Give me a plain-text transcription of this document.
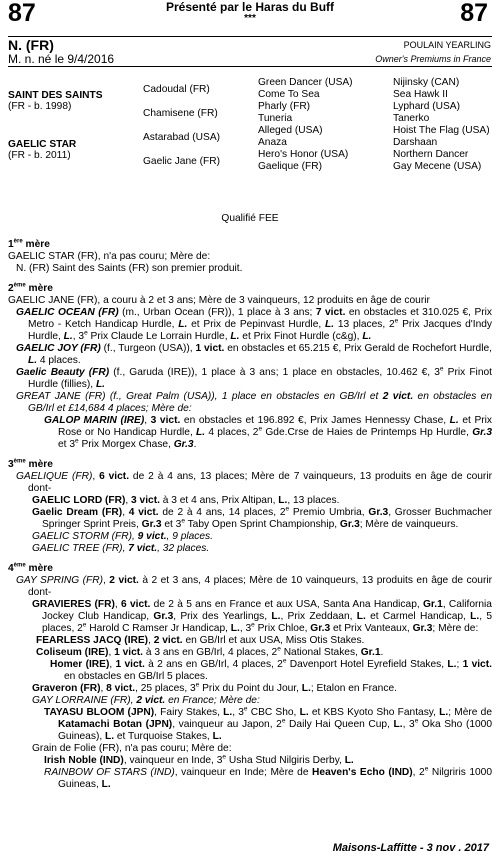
87	Présenté par le Haras du Buff
***	87
N. (FR)
M. n. né le 9/4/2016
POULAIN YEARLING
Owner's Premiums in France
SAINT DES SAINTS
(FR - b. 1998)
GAELIC STAR
(FR - b. 2011)
Cadoudal (FR)
Chamisene (FR)
Astarabad (USA)
Gaelic Jane (FR)
Green Dancer (USA)
Come To Sea
Pharly (FR)
Tuneria
Alleged (USA)
Anaza
Hero's Honor (USA)
Gaelique (FR)
Nijinsky (CAN)
Sea Hawk II
Lyphard (USA)
Tanerko
Hoist The Flag (USA)
Darshaan
Northern Dancer
Gay Mecene (USA)
Qualifié FEE

1ère mère

GAELIC STAR (FR), n'a pas couru; Mère de:

N. (FR) Saint des Saints (FR) son premier produit.

2ème mère

GAELIC JANE (FR), a couru à 2 et 3 ans; Mère de 3 vainqueurs, 12 produits en âge de courir

GAELIC OCEAN (FR) (m., Urban Ocean (FR)), 1 place à 3 ans; 7 vict. en obstacles et 310.025 €, Prix Metro - Ketch Handicap Hurdle, L. et Prix de Pepinvast Hurdle, L. 13 places, 2e Prix Jacques d'Indy Hurdle, L., 3e Prix Claude Le Lorrain Hurdle, L. et Prix Finot Hurdle (c&g), L.

GAELIC JOY (FR) (f., Turgeon (USA)), 1 vict. en obstacles et 65.215 €, Prix Gerald de Rochefort Hurdle, L. 4 places.

Gaelic Beauty (FR) (f., Garuda (IRE)), 1 place à 3 ans; 1 place en obstacles, 10.462 €, 3e Prix Finot Hurdle (fillies), L.

GREAT JANE (FR) (f., Great Palm (USA)), 1 place en obstacles en GB/Irl et 2 vict. en obstacles en GB/Irl et £14,684 4 places; Mère de:

GALOP MARIN (IRE), 3 vict. en obstacles et 196.892 €, Prix James Hennessy Chase, L. et Prix Rose or No Handicap Hurdle, L. 4 places, 2e Gde.Crse de Haies de Printemps Hp Hurdle, Gr.3 et 3e Prix Morgex Chase, Gr.3.

3ème mère

GAELIQUE (FR), 6 vict. de 2 à 4 ans, 13 places; Mère de 7 vainqueurs, 13 produits en âge de courir dont-

GAELIC LORD (FR), 3 vict. à 3 et 4 ans, Prix Altipan, L., 13 places.

Gaelic Dream (FR), 4 vict. de 2 à 4 ans, 14 places, 2e Premio Umbria, Gr.3, Grosser Buchmacher Springer Sprint Preis, Gr.3 et 3e Taby Open Sprint Championship, Gr.3; Mère de vainqueurs.

GAELIC STORM (FR), 9 vict., 9 places.

GAELIC TREE (FR), 7 vict., 32 places.

4ème mère

GAY SPRING (FR), 2 vict. à 2 et 3 ans, 4 places; Mère de 10 vainqueurs, 13 produits en âge de courir dont-

GRAVIERES (FR), 6 vict. de 2 à 5 ans en France et aux USA, Santa Ana Handicap, Gr.1, California Jockey Club Handicap, Gr.3, Prix des Yearlings, L., Prix Zeddaan, L. et Carmel Handicap, L., 5 places, 2e Harold C Ramser Jr Handicap, L., 3e Prix Chloe, Gr.3 et Prix Vanteaux, Gr.3; Mère de:

FEARLESS JACQ (IRE), 2 vict. en GB/Irl et aux USA, Miss Otis Stakes.

Coliseum (IRE), 1 vict. à 3 ans en GB/Irl, 4 places, 2e National Stakes, Gr.1.

Homer (IRE), 1 vict. à 2 ans en GB/Irl, 4 places, 2e Davenport Hotel Eyrefield Stakes, L.; 1 vict. en obstacles en GB/Irl 5 places.

Graveron (FR), 8 vict., 25 places, 3e Prix du Point du Jour, L.; Etalon en France.

GAY LORRAINE (FR), 2 vict. en France; Mère de:

TAYASU BLOOM (JPN), Fairy Stakes, L., 3e CBC Sho, L. et KBS Kyoto Sho Fantasy, L.; Mère de Katamachi Botan (JPN), vainqueur au Japon, 2e Daily Hai Queen Cup, L., 3e Oka Sho (1000 Guineas), L. et Turquoise Stakes, L.

Grain de Folie (FR), n'a pas couru; Mère de:

Irish Noble (IND), vainqueur en Inde, 3e Usha Stud Nilgiris Derby, L.

RAINBOW OF STARS (IND), vainqueur en Inde; Mère de Heaven's Echo (IND), 2e Nilgriris 1000 Guineas, L.

Maisons-Laffitte - 3 nov . 2017
